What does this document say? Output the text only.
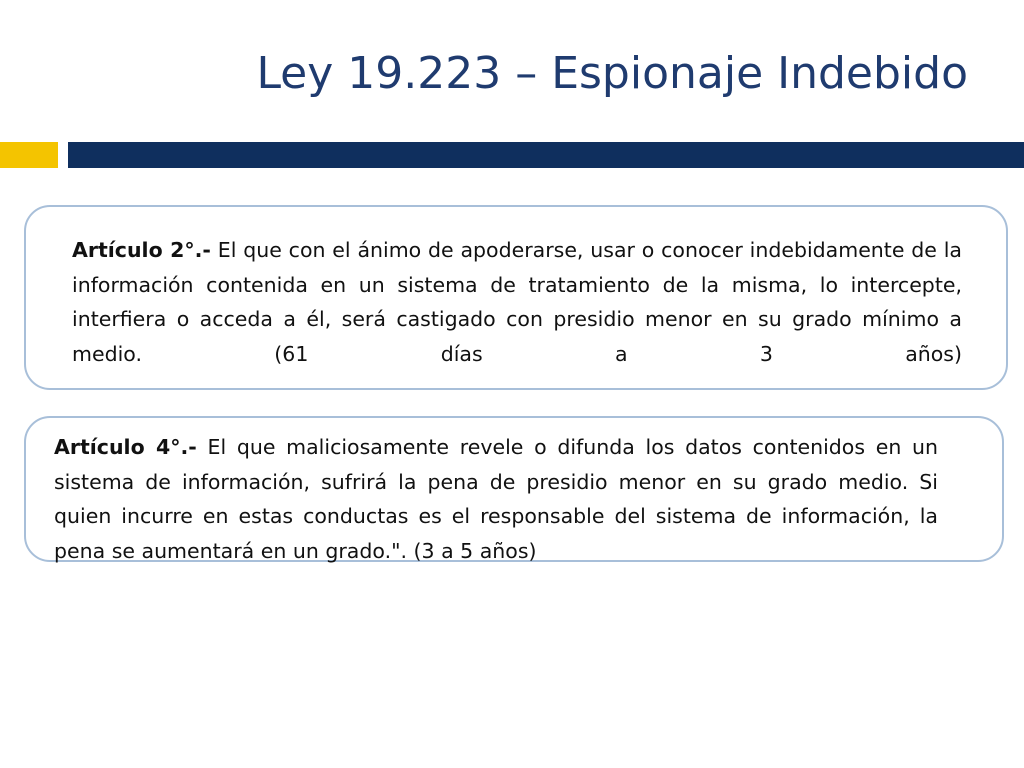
Ley 19.223 – Espionaje Indebido

Artículo 2°.- El que con el ánimo de apoderarse, usar o conocer indebidamente de la información contenida en un sistema de tratamiento de la misma, lo intercepte, interfiera o acceda a él, será castigado con presidio menor en su grado mínimo a medio. (61 días a 3 años)

Artículo 4°.- El que maliciosamente revele o difunda los datos contenidos en un sistema de información, sufrirá la pena de presidio menor en su grado medio. Si quien incurre en estas conductas es el responsable del sistema de información, la pena se aumentará en un grado.". (3 a 5 años)
